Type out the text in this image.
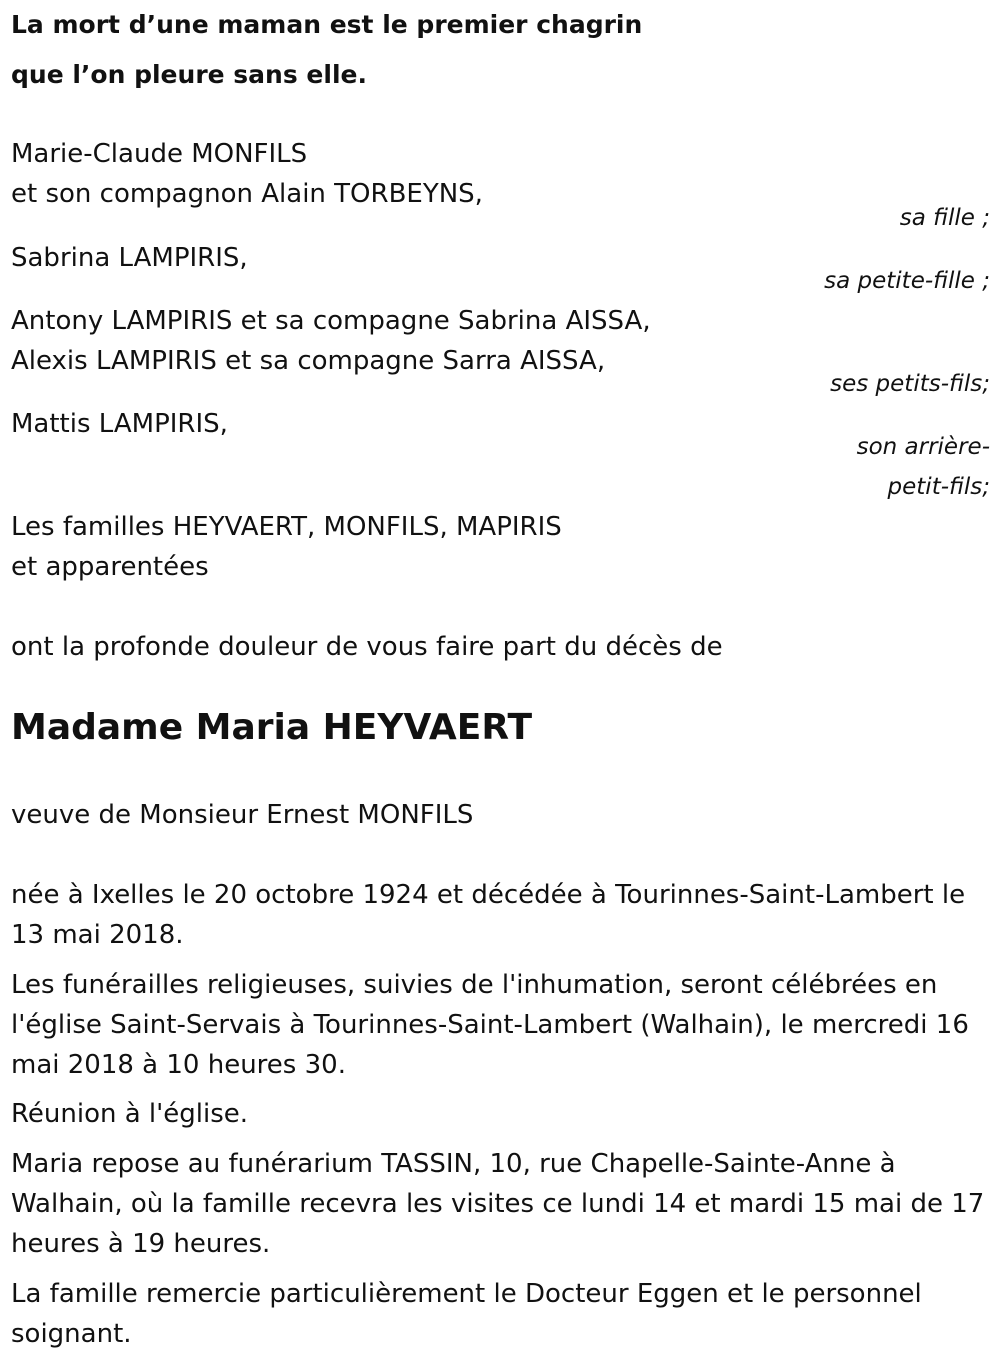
La mort d’une maman est le premier chagrin

que l’on pleure sans elle.

Marie-Claude MONFILS

et son compagnon Alain TORBEYNS,

sa fille ;

Sabrina LAMPIRIS,

sa petite-fille ;

Antony LAMPIRIS et sa compagne Sabrina AISSA,

Alexis LAMPIRIS et sa compagne Sarra AISSA,

ses petits-fils;

Mattis LAMPIRIS,

son arrière-

petit-fils;

Les familles HEYVAERT, MONFILS, MAPIRIS

et apparentées

ont la profonde douleur de vous faire part du décès de

Madame Maria HEYVAERT

veuve de Monsieur Ernest MONFILS

née à Ixelles le 20 octobre 1924 et décédée à Tourinnes-Saint-Lambert le
13 mai 2018.

Les funérailles religieuses, suivies de l'inhumation, seront célébrées en
l'église Saint-Servais à Tourinnes-Saint-Lambert (Walhain), le mercredi 16
mai 2018 à 10 heures 30.

Réunion à l'église.

Maria repose au funérarium TASSIN, 10, rue Chapelle-Sainte-Anne à
Walhain, où la famille recevra les visites ce lundi 14 et mardi 15 mai de 17
heures à 19 heures.

La famille remercie particulièrement le Docteur Eggen et le personnel
soignant.
